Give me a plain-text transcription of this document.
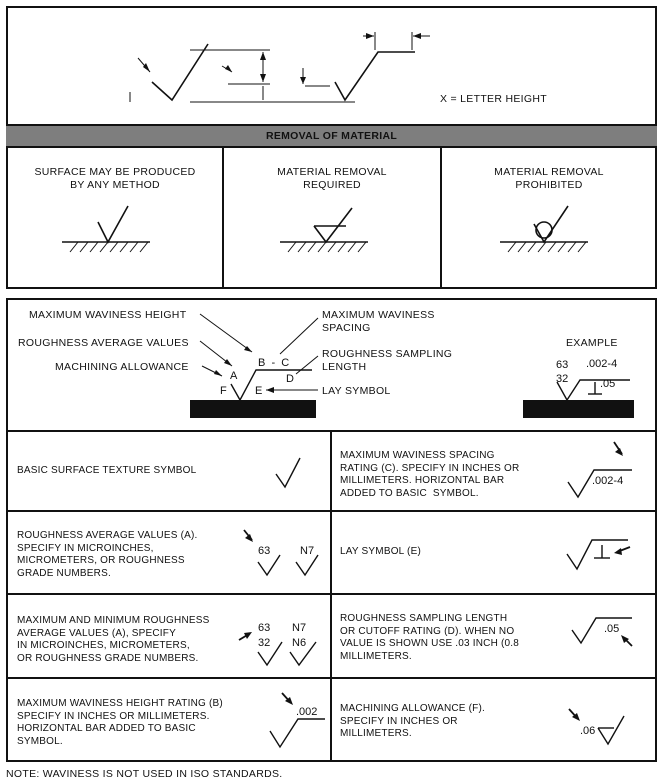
X = LETTER HEIGHT
REMOVAL OF MATERIAL
SURFACE MAY BE PRODUCED
BY ANY METHOD
MATERIAL REMOVAL
REQUIRED
MATERIAL REMOVAL
PROHIBITED
MAXIMUM WAVINESS HEIGHT
ROUGHNESS AVERAGE VALUES
MACHINING ALLOWANCE
MAXIMUM WAVINESS
SPACING
ROUGHNESS SAMPLING
LENGTH
LAY SYMBOL
A
B  -  C
D
E
F
EXAMPLE
63
32
.002-4
.05
BASIC SURFACE TEXTURE SYMBOL
MAXIMUM WAVINESS SPACING
RATING (C). SPECIFY IN INCHES OR
MILLIMETERS. HORIZONTAL BAR
ADDED TO BASIC  SYMBOL.
ROUGHNESS AVERAGE VALUES (A).
SPECIFY IN MICROINCHES,
MICROMETERS, OR ROUGHNESS
GRADE NUMBERS.
LAY SYMBOL (E)
MAXIMUM AND MINIMUM ROUGHNESS
AVERAGE VALUES (A), SPECIFY
IN MICROINCHES, MICROMETERS,
OR ROUGHNESS GRADE NUMBERS.
ROUGHNESS SAMPLING LENGTH
OR CUTOFF RATING (D). WHEN NO
VALUE IS SHOWN USE .03 INCH (0.8
MILLIMETERS.
MAXIMUM WAVINESS HEIGHT RATING (B)
SPECIFY IN INCHES OR MILLIMETERS.
HORIZONTAL BAR ADDED TO BASIC
SYMBOL.
MACHINING ALLOWANCE (F).
SPECIFY IN INCHES OR
MILLIMETERS.
.002-4
63	N7
63
32
N7
N6
.05
.002
.06
NOTE: WAVINESS IS NOT USED IN ISO STANDARDS.
